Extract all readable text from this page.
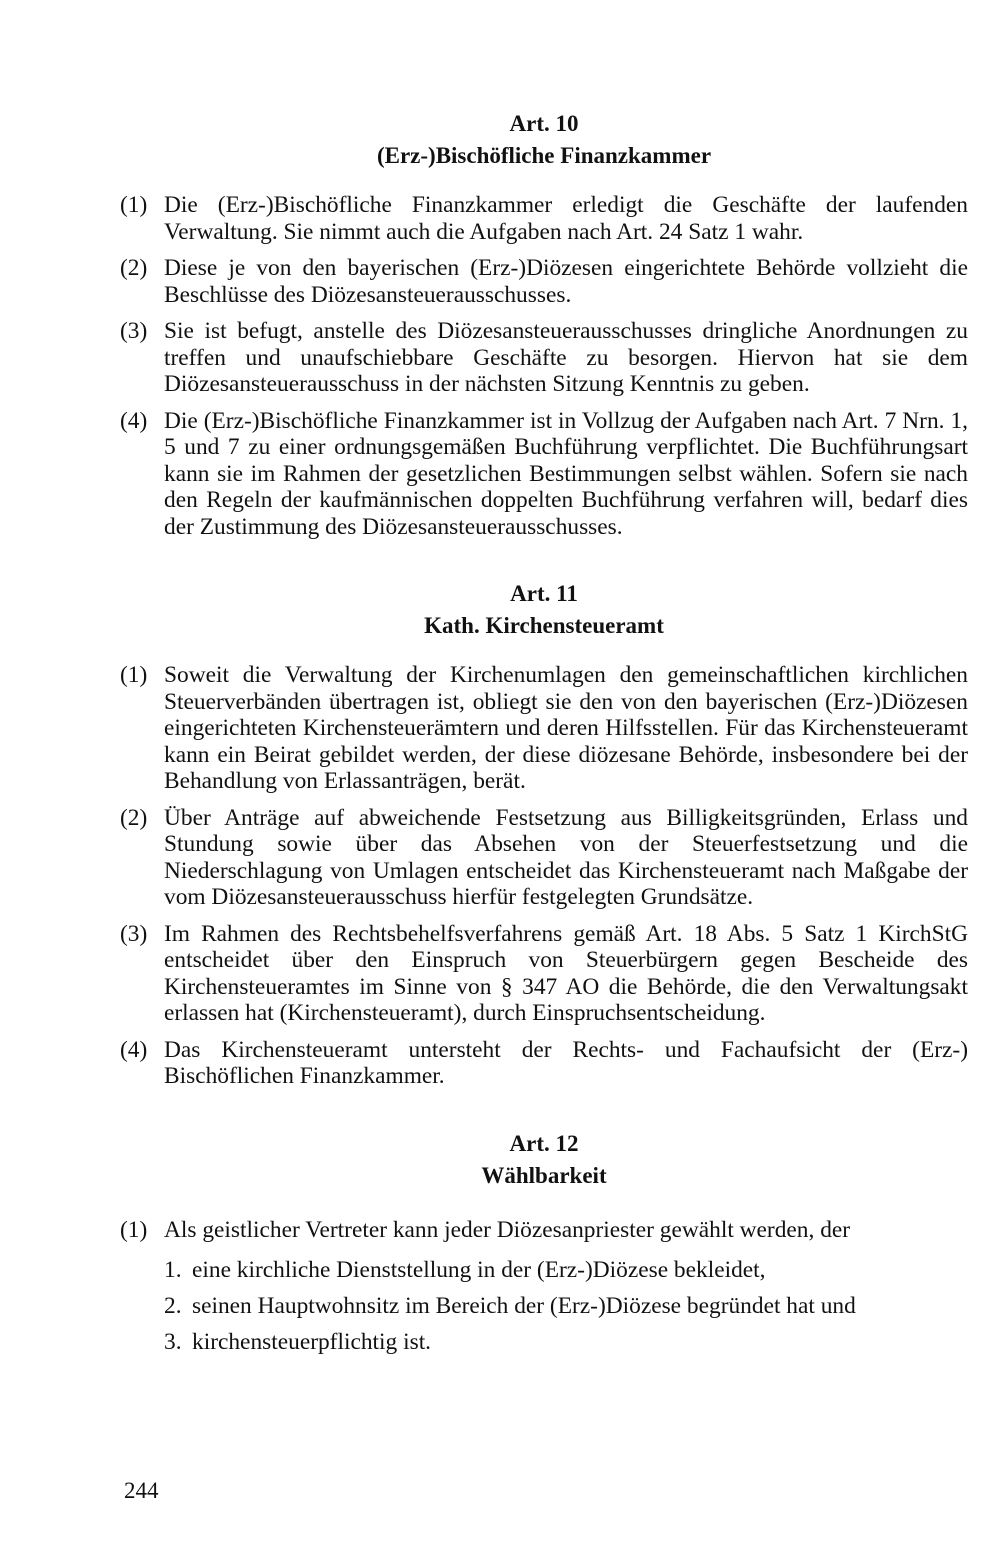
Art. 10
(Erz-)Bischöfliche Finanzkammer
(1) Die (Erz-)Bischöfliche Finanzkammer erledigt die Geschäfte der laufenden Verwaltung. Sie nimmt auch die Aufgaben nach Art. 24 Satz 1 wahr.
(2) Diese je von den bayerischen (Erz-)Diözesen eingerichtete Behörde vollzieht die Beschlüsse des Diözesansteuerausschusses.
(3) Sie ist befugt, anstelle des Diözesansteuerausschusses dringliche Anordnungen zu treffen und unaufschiebbare Geschäfte zu besorgen. Hiervon hat sie dem Diözesansteuerausschuss in der nächsten Sitzung Kenntnis zu geben.
(4) Die (Erz-)Bischöfliche Finanzkammer ist in Vollzug der Aufgaben nach Art. 7 Nrn. 1, 5 und 7 zu einer ordnungsgemäßen Buchführung verpflichtet. Die Buchführungsart kann sie im Rahmen der gesetzlichen Bestimmungen selbst wählen. Sofern sie nach den Regeln der kaufmännischen doppelten Buchführung verfahren will, bedarf dies der Zustimmung des Diözesansteuerausschusses.
Art. 11
Kath. Kirchensteueramt
(1) Soweit die Verwaltung der Kirchenumlagen den gemeinschaftlichen kirchlichen Steuerverbänden übertragen ist, obliegt sie den von den bayerischen (Erz-)Diözesen eingerichteten Kirchensteuerämtern und deren Hilfsstellen. Für das Kirchensteueramt kann ein Beirat gebildet werden, der diese diözesane Behörde, insbesondere bei der Behandlung von Erlassanträgen, berät.
(2) Über Anträge auf abweichende Festsetzung aus Billigkeitsgründen, Erlass und Stundung sowie über das Absehen von der Steuerfestsetzung und die Niederschlagung von Umlagen entscheidet das Kirchensteueramt nach Maßgabe der vom Diözesansteuerausschuss hierfür festgelegten Grundsätze.
(3) Im Rahmen des Rechtsbehelfsverfahrens gemäß Art. 18 Abs. 5 Satz 1 KirchStG entscheidet über den Einspruch von Steuerbürgern gegen Bescheide des Kirchensteueramtes im Sinne von § 347 AO die Behörde, die den Verwaltungsakt erlassen hat (Kirchensteueramt), durch Einspruchsentscheidung.
(4) Das Kirchensteueramt untersteht der Rechts- und Fachaufsicht der (Erz-) Bischöflichen Finanzkammer.
Art. 12
Wählbarkeit
(1) Als geistlicher Vertreter kann jeder Diözesanpriester gewählt werden, der
1. eine kirchliche Dienststellung in der (Erz-)Diözese bekleidet,
2. seinen Hauptwohnsitz im Bereich der (Erz-)Diözese begründet hat und
3. kirchensteuerpflichtig ist.
244
